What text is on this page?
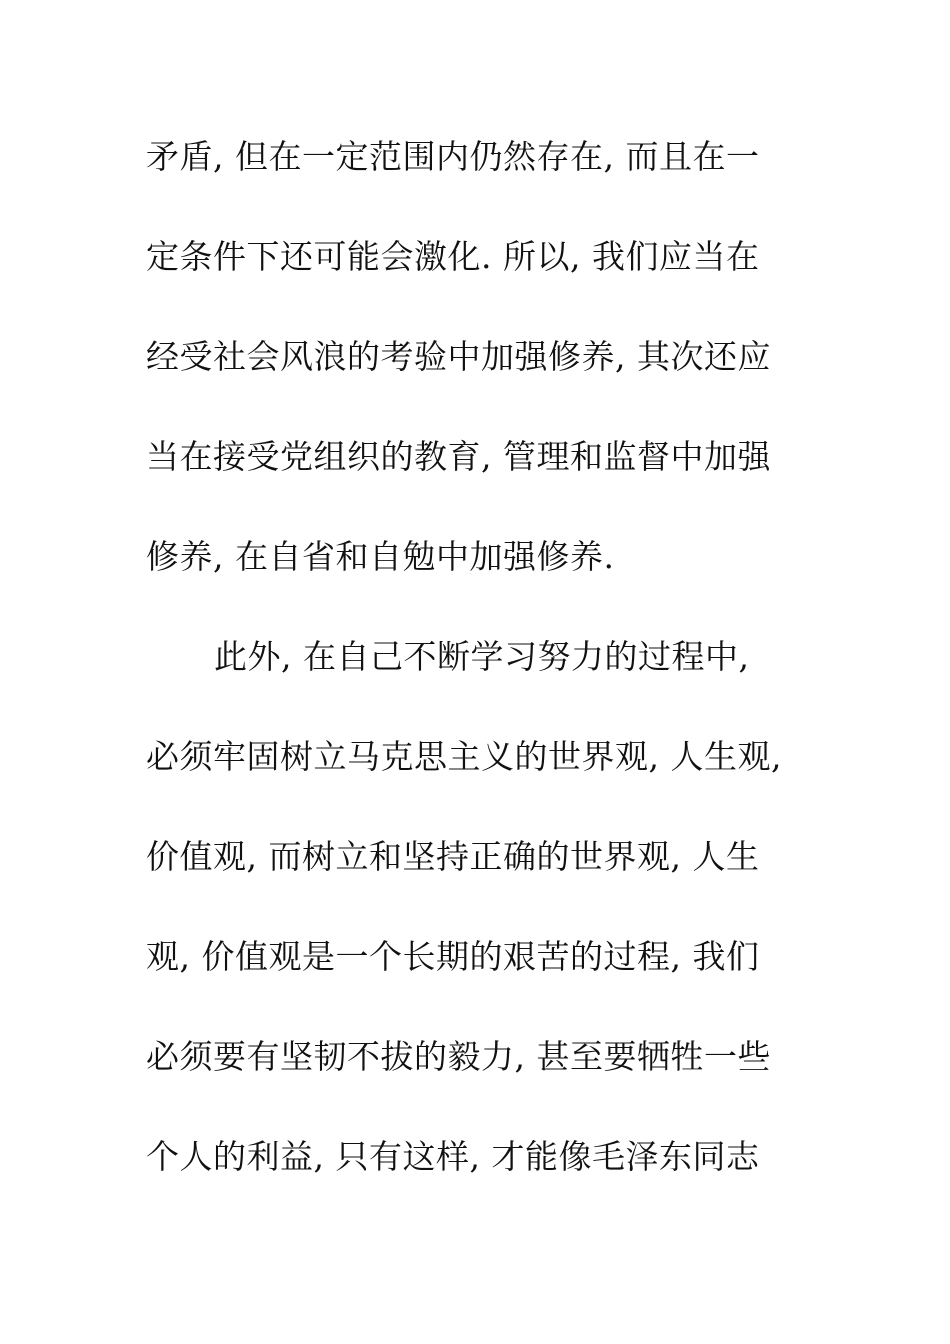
矛盾, 但在一定范围内仍然存在, 而且在一
定条件下还可能会激化. 所以, 我们应当在
经受社会风浪的考验中加强修养, 其次还应
当在接受党组织的教育, 管理和监督中加强
修养, 在自省和自勉中加强修养.
此外, 在自己不断学习努力的过程中,
必须牢固树立马克思主义的世界观, 人生观,
价值观, 而树立和坚持正确的世界观, 人生
观, 价值观是一个长期的艰苦的过程, 我们
必须要有坚韧不拔的毅力, 甚至要牺牲一些
个人的利益, 只有这样, 才能像毛泽东同志
